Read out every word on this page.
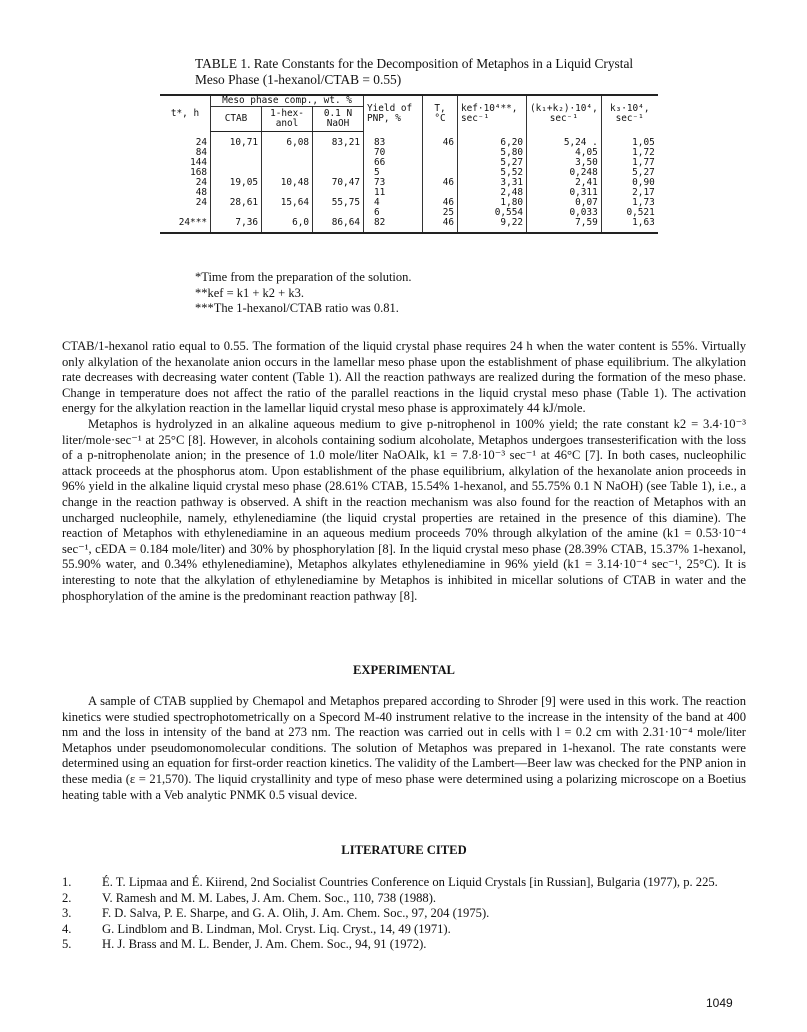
TABLE 1. Rate Constants for the Decomposition of Metaphos in a Liquid Crystal
Meso Phase (1-hexanol/CTAB = 0.55)
t*, h	Meso phase comp., wt. %			Yield of PNP, %	T, °C	kef·10⁴**, sec⁻¹	(k₁+k₂)·10⁴, sec⁻¹	k₃·10⁴, sec⁻¹
	CTAB	1-hex-anol	0.1 N NaOH					
24	10,71	6,08	83,21	83	46	6,20	5,24 .	1,05
84				70		5,80	4,05	1,72
144				66		5,27	3,50	1,77
168				5		5,52	0,248	5,27
24	19,05	10,48	70,47	73	46	3,31	2,41	0,90
48				11		2,48	0,311	2,17
24	28,61	15,64	55,75	4	46	1,80	0,07	1,73
				6	25	0,554	0,033	0,521
24***	7,36	6,0	86,64	82	46	9,22	7,59	1,63
*Time from the preparation of the solution.
**kef = k1 + k2 + k3.
***The 1-hexanol/CTAB ratio was 0.81.

CTAB/1-hexanol ratio equal to 0.55. The formation of the liquid crystal phase requires 24 h when the water content is 55%. Virtually only alkylation of the hexanolate anion occurs in the lamellar meso phase upon the establishment of phase equilibrium. The alkylation rate decreases with decreasing water content (Table 1). All the reaction pathways are realized during the formation of the meso phase. Change in temperature does not affect the ratio of the parallel reactions in the liquid crystal meso phase (Table 1). The activation energy for the alkylation reaction in the lamellar liquid crystal meso phase is approximately 44 kJ/mole.

Metaphos is hydrolyzed in an alkaline aqueous medium to give p-nitrophenol in 100% yield; the rate constant k2 = 3.4·10⁻³ liter/mole·sec⁻¹ at 25°C [8]. However, in alcohols containing sodium alcoholate, Metaphos undergoes transesterification with the loss of a p-nitrophenolate anion; in the presence of 1.0 mole/liter NaOAlk, k1 = 7.8·10⁻³ sec⁻¹ at 46°C [7]. In both cases, nucleophilic attack proceeds at the phosphorus atom. Upon establishment of the phase equilibrium, alkylation of the hexanolate anion proceeds in 96% yield in the alkaline liquid crystal meso phase (28.61% CTAB, 15.54% 1-hexanol, and 55.75% 0.1 N NaOH) (see Table 1), i.e., a change in the reaction pathway is observed. A shift in the reaction mechanism was also found for the reaction of Metaphos with an uncharged nucleophile, namely, ethylenediamine (the liquid crystal properties are retained in the presence of this diamine). The reaction of Metaphos with ethylenediamine in an aqueous medium proceeds 70% through alkylation of the amine (k1 = 0.53·10⁻⁴ sec⁻¹, cEDA = 0.184 mole/liter) and 30% by phosphorylation [8]. In the liquid crystal meso phase (28.39% CTAB, 15.37% 1-hexanol, 55.90% water, and 0.34% ethylenediamine), Metaphos alkylates ethylenediamine in 96% yield (k1 = 3.14·10⁻⁴ sec⁻¹, 25°C). It is interesting to note that the alkylation of ethylenediamine by Metaphos is inhibited in micellar solutions of CTAB in water and the phosphorylation of the amine is the predominant reaction pathway [8].

EXPERIMENTAL

A sample of CTAB supplied by Chemapol and Metaphos prepared according to Shroder [9] were used in this work. The reaction kinetics were studied spectrophotometrically on a Specord M-40 instrument relative to the increase in the intensity of the band at 400 nm and the loss in intensity of the band at 273 nm. The reaction was carried out in cells with l = 0.2 cm with 2.31·10⁻⁴ mole/liter Metaphos under pseudomonomolecular conditions. The solution of Metaphos was prepared in 1-hexanol. The rate constants were determined using an equation for first-order reaction kinetics. The validity of the Lambert—Beer law was checked for the PNP anion in these media (ε = 21,570). The liquid crystallinity and type of meso phase were determined using a polarizing microscope on a Boetius heating table with a Veb analytic PNMK 0.5 visual device.

LITERATURE CITED
1.	É. T. Lipmaa and É. Kiirend, 2nd Socialist Countries Conference on Liquid Crystals [in Russian], Bulgaria (1977), p. 225.
2.	V. Ramesh and M. M. Labes, J. Am. Chem. Soc., 110, 738 (1988).
3.	F. D. Salva, P. E. Sharpe, and G. A. Olih, J. Am. Chem. Soc., 97, 204 (1975).
4.	G. Lindblom and B. Lindman, Mol. Cryst. Liq. Cryst., 14, 49 (1971).
5.	H. J. Brass and M. L. Bender, J. Am. Chem. Soc., 94, 91 (1972).
1049
